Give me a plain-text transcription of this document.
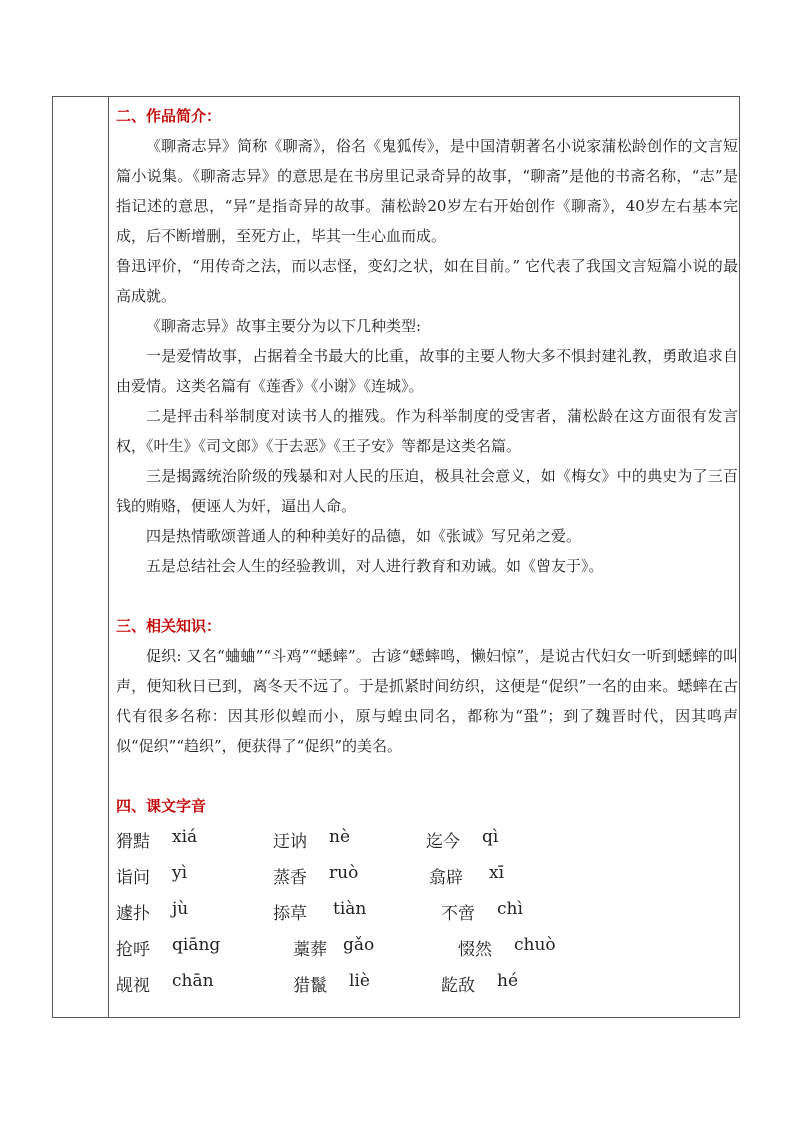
二、作品简介：

《聊斋志异》简称《聊斋》，俗名《鬼狐传》，是中国清朝著名小说家蒲松龄创作的文言短篇小说集。《聊斋志异》的意思是在书房里记录奇异的故事，“聊斋”是他的书斋名称，“志”是指记述的意思，“异”是指奇异的故事。蒲松龄20岁左右开始创作《聊斋》，40岁左右基本完成，后不断增删，至死方止，毕其一生心血而成。

鲁迅评价，“用传奇之法，而以志怪，变幻之状，如在目前。” 它代表了我国文言短篇小说的最高成就。

《聊斋志异》故事主要分为以下几种类型:

一是爱情故事，占据着全书最大的比重，故事的主要人物大多不惧封建礼教，勇敢追求自由爱情。这类名篇有《莲香》《小谢》《连城》。

二是抨击科举制度对读书人的摧残。作为科举制度的受害者，蒲松龄在这方面很有发言权，《叶生》《司文郎》《于去恶》《王子安》等都是这类名篇。

三是揭露统治阶级的残暴和对人民的压迫，极具社会意义，如《梅女》中的典史为了三百钱的贿赂，便诬人为奸，逼出人命。

四是热情歌颂普通人的种种美好的品德，如《张诚》写兄弟之爱。

五是总结社会人生的经验教训，对人进行教育和劝诫。如《曾友于》。

三、相关知识：

促织: 又名“蛐蛐”“斗鸡”“蟋蟀”。古谚“蟋蟀鸣，懒妇惊”，是说古代妇女一听到蟋蟀的叫声，便知秋日已到，离冬天不远了。于是抓紧时间纺织，这便是“促织”一名的由来。蟋蟀在古代有很多名称：因其形似蝗而小，原与蝗虫同名，都称为“蛩”；到了魏晋时代，因其鸣声似“促织”“趋织”，便获得了“促织”的美名。

四、课文字音
猾黠 xiá	迂讷 nè	迄今 qì
诣问 yì	蒸香 ruò	翕辟 xī
遽扑 jù	掭草 tiàn	不啻 chì
抢呼 qiāng	藁葬 gǎo	惙然 chuò
觇视 chān	猎鬣 liè	龁敌 hé
